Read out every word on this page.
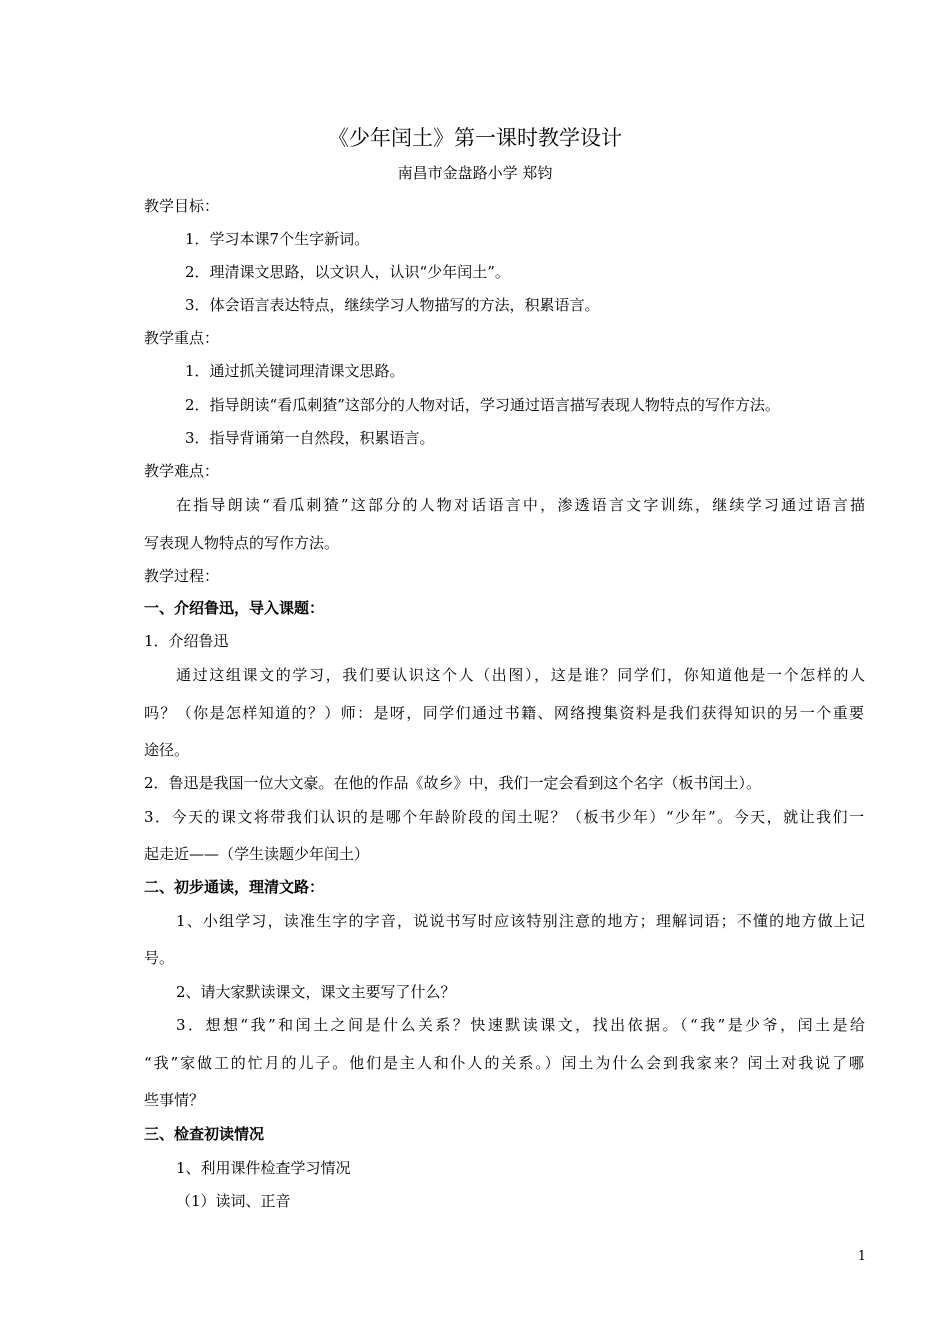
《少年闰土》第一课时教学设计
南昌市金盘路小学 郑钧
教学目标：
1．学习本课7个生字新词。
2．理清课文思路，以文识人，认识“少年闰土”。
3．体会语言表达特点，继续学习人物描写的方法，积累语言。
教学重点：
1．通过抓关键词理清课文思路。
2．指导朗读“看瓜刺猹”这部分的人物对话，学习通过语言描写表现人物特点的写作方法。
3．指导背诵第一自然段，积累语言。
教学难点：
在指导朗读“看瓜刺猹”这部分的人物对话语言中，渗透语言文字训练，继续学习通过语言描
写表现人物特点的写作方法。
教学过程：
一、介绍鲁迅，导入课题：
1．介绍鲁迅
通过这组课文的学习，我们要认识这个人（出图），这是谁？同学们，你知道他是一个怎样的人
吗？（你是怎样知道的？）师：是呀，同学们通过书籍、网络搜集资料是我们获得知识的另一个重要
途径。
2．鲁迅是我国一位大文豪。在他的作品《故乡》中，我们一定会看到这个名字（板书闰土）。
3．今天的课文将带我们认识的是哪个年龄阶段的闰土呢？（板书少年）“少年”。今天，就让我们一
起走近——（学生读题少年闰土）
二、初步通读，理清文路：
1、小组学习，读准生字的字音，说说书写时应该特别注意的地方；理解词语；不懂的地方做上记
号。
2、请大家默读课文，课文主要写了什么？
3．想想“我”和闰土之间是什么关系？快速默读课文，找出依据。（“我”是少爷，闰土是给
“我”家做工的忙月的儿子。他们是主人和仆人的关系。）闰土为什么会到我家来？闰土对我说了哪
些事情？
三、检查初读情况
1、利用课件检查学习情况
（1）读词、正音
1
